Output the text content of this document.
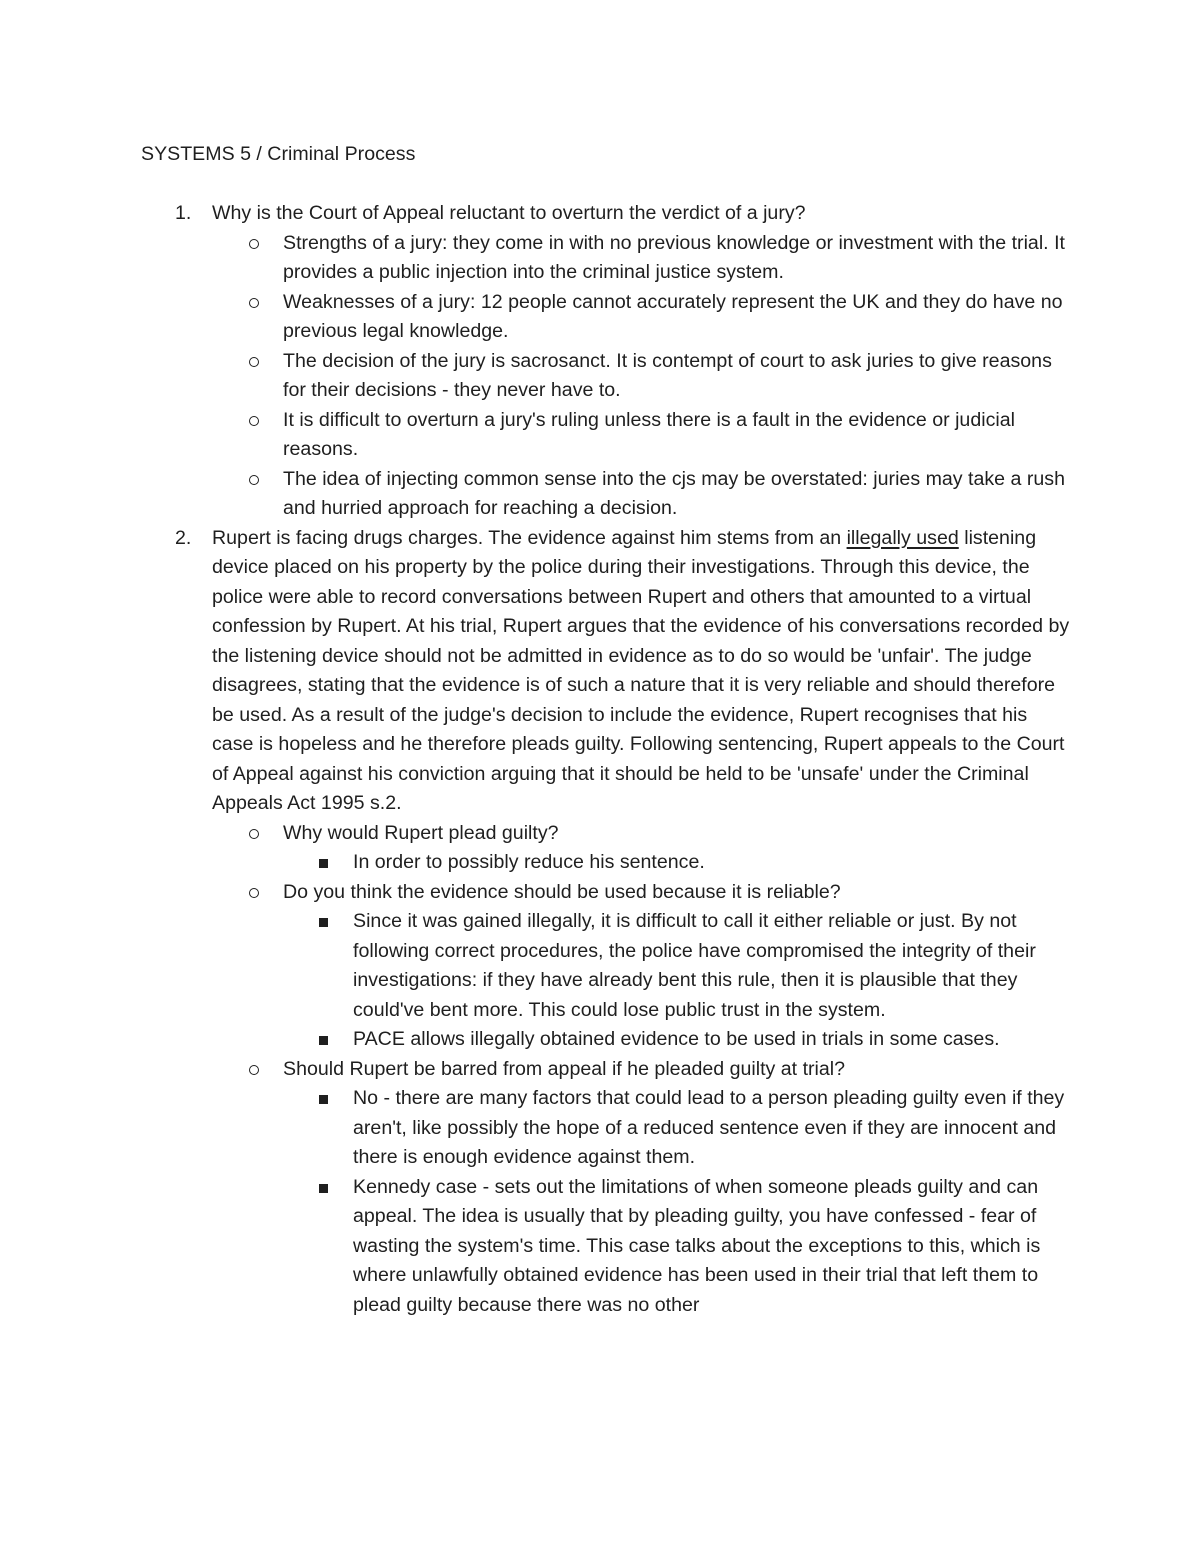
SYSTEMS 5 / Criminal Process
1. Why is the Court of Appeal reluctant to overturn the verdict of a jury?
Strengths of a jury: they come in with no previous knowledge or investment with the trial. It provides a public injection into the criminal justice system.
Weaknesses of a jury: 12 people cannot accurately represent the UK and they do have no previous legal knowledge.
The decision of the jury is sacrosanct. It is contempt of court to ask juries to give reasons for their decisions - they never have to.
It is difficult to overturn a jury's ruling unless there is a fault in the evidence or judicial reasons.
The idea of injecting common sense into the cjs may be overstated: juries may take a rush and hurried approach for reaching a decision.
2. Rupert is facing drugs charges. The evidence against him stems from an illegally used listening device placed on his property by the police during their investigations. Through this device, the police were able to record conversations between Rupert and others that amounted to a virtual confession by Rupert. At his trial, Rupert argues that the evidence of his conversations recorded by the listening device should not be admitted in evidence as to do so would be 'unfair'. The judge disagrees, stating that the evidence is of such a nature that it is very reliable and should therefore be used. As a result of the judge's decision to include the evidence, Rupert recognises that his case is hopeless and he therefore pleads guilty. Following sentencing, Rupert appeals to the Court of Appeal against his conviction arguing that it should be held to be 'unsafe' under the Criminal Appeals Act 1995 s.2.
Why would Rupert plead guilty?
In order to possibly reduce his sentence.
Do you think the evidence should be used because it is reliable?
Since it was gained illegally, it is difficult to call it either reliable or just. By not following correct procedures, the police have compromised the integrity of their investigations: if they have already bent this rule, then it is plausible that they could've bent more. This could lose public trust in the system.
PACE allows illegally obtained evidence to be used in trials in some cases.
Should Rupert be barred from appeal if he pleaded guilty at trial?
No - there are many factors that could lead to a person pleading guilty even if they aren't, like possibly the hope of a reduced sentence even if they are innocent and there is enough evidence against them.
Kennedy case - sets out the limitations of when someone pleads guilty and can appeal. The idea is usually that by pleading guilty, you have confessed - fear of wasting the system's time. This case talks about the exceptions to this, which is where unlawfully obtained evidence has been used in their trial that left them to plead guilty because there was no other
